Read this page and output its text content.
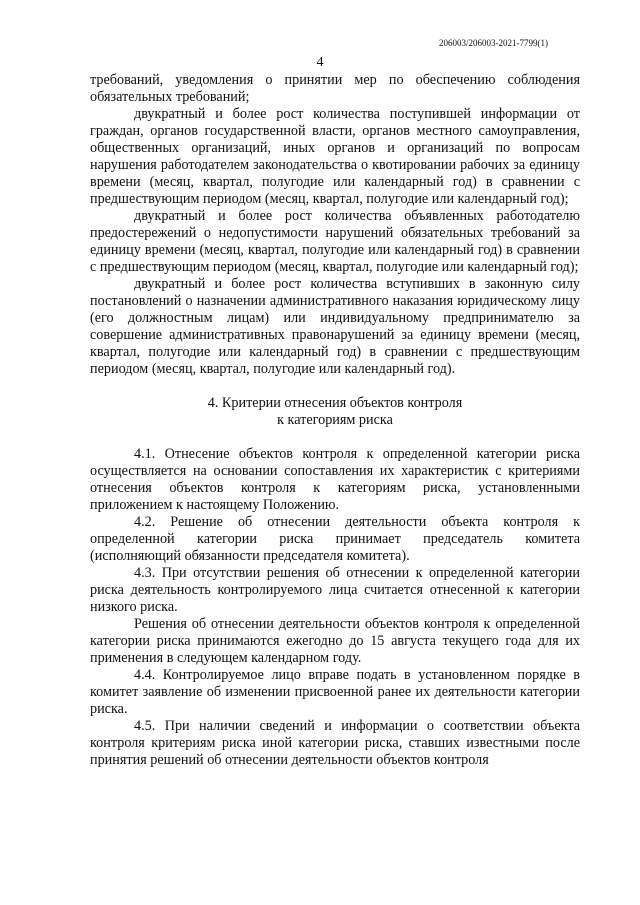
206003/206003-2021-7799(1)
4

требований, уведомления о принятии мер по обеспечению соблюдения обязательных требований;

двукратный и более рост количества поступившей информации от граждан, органов государственной власти, органов местного самоуправления, общественных организаций, иных органов и организаций по вопросам нарушения работодателем законодательства о квотировании рабочих за единицу времени (месяц, квартал, полугодие или календарный год) в сравнении с предшествующим периодом (месяц, квартал, полугодие или календарный год);

двукратный и более рост количества объявленных работодателю предостережений о недопустимости нарушений обязательных требований за единицу времени (месяц, квартал, полугодие или календарный год) в сравнении с предшествующим периодом (месяц, квартал, полугодие или календарный год);

двукратный и более рост количества вступивших в законную силу постановлений о назначении административного наказания юридическому лицу (его должностным лицам) или индивидуальному предпринимателю за совершение административных правонарушений за единицу времени (месяц, квартал, полугодие или календарный год) в сравнении с предшествующим периодом (месяц, квартал, полугодие или календарный год).

4. Критерии отнесения объектов контроля
к категориям риска

4.1. Отнесение объектов контроля к определенной категории риска осуществляется на основании сопоставления их характеристик с критериями отнесения объектов контроля к категориям риска, установленными приложением к настоящему Положению.

4.2. Решение об отнесении деятельности объекта контроля к определенной категории риска принимает председатель комитета (исполняющий обязанности председателя комитета).

4.3. При отсутствии решения об отнесении к определенной категории риска деятельность контролируемого лица считается отнесенной к категории низкого риска.

Решения об отнесении деятельности объектов контроля к определенной категории риска принимаются ежегодно до 15 августа текущего года для их применения в следующем календарном году.

4.4. Контролируемое лицо вправе подать в установленном порядке в комитет заявление об изменении присвоенной ранее их деятельности категории риска.

4.5. При наличии сведений и информации о соответствии объекта контроля критериям риска иной категории риска, ставших известными после принятия решений об отнесении деятельности объектов контроля
